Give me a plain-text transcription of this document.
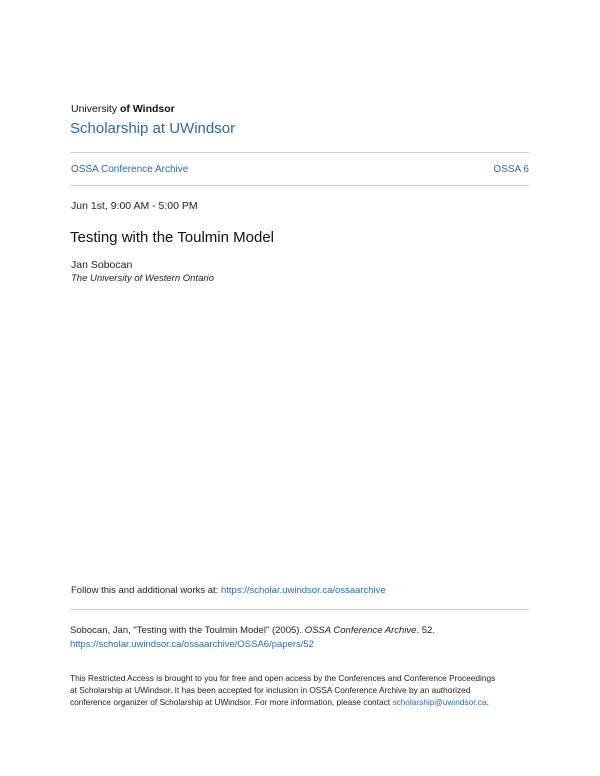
University of Windsor
Scholarship at UWindsor
OSSA Conference Archive	OSSA 6
Jun 1st, 9:00 AM - 5:00 PM
Testing with the Toulmin Model
Jan Sobocan
The University of Western Ontario
Follow this and additional works at: https://scholar.uwindsor.ca/ossaarchive
Sobocan, Jan, "Testing with the Toulmin Model" (2005). OSSA Conference Archive. 52.
https://scholar.uwindsor.ca/ossaarchive/OSSA6/papers/52
This Restricted Access is brought to you for free and open access by the Conferences and Conference Proceedings
at Scholarship at UWindsor. It has been accepted for inclusion in OSSA Conference Archive by an authorized
conference organizer of Scholarship at UWindsor. For more information, please contact scholarship@uwindsor.ca.
